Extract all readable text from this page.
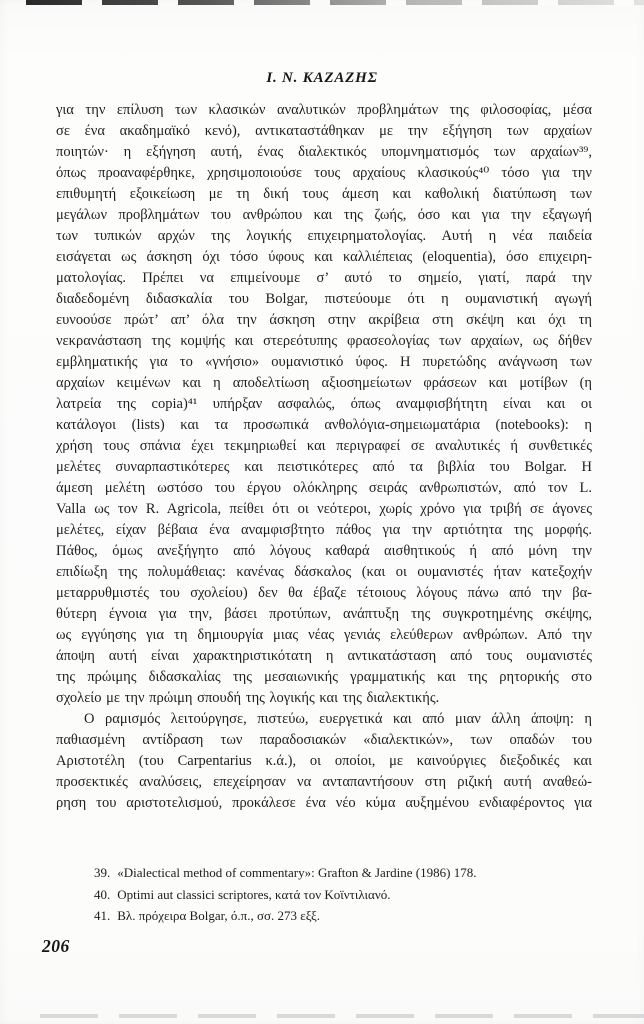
I. N. ΚΑΖΑΖΗΣ
για την επίλυση των κλασικών αναλυτικών προβλημάτων της φιλοσοφίας, μέσα
σε ένα ακαδημαϊκό κενό), αντικαταστάθηκαν με την εξήγηση των αρχαίων
ποιητών· η εξήγηση αυτή, ένας διαλεκτικός υπομνηματισμός των αρχαίων³⁹,
όπως προαναφέρθηκε, χρησιμοποιούσε τους αρχαίους κλασικούς⁴⁰ τόσο για την
επιθυμητή εξοικείωση με τη δική τους άμεση και καθολική διατύπωση των
μεγάλων προβλημάτων του ανθρώπου και της ζωής, όσο και για την εξαγωγή
των τυπικών αρχών της λογικής επιχειρηματολογίας. Αυτή η νέα παιδεία
εισάγεται ως άσκηση όχι τόσο ύφους και καλλιέπειας (eloquentia), όσο επιχειρη-
ματολογίας. Πρέπει να επιμείνουμε σ’ αυτό το σημείο, γιατί, παρά την
διαδεδομένη διδασκαλία του Bolgar, πιστεύουμε ότι η ουμανιστική αγωγή
ευνοούσε πρώτ’ απ’ όλα την άσκηση στην ακρίβεια στη σκέψη και όχι τη
νεκρανάσταση της κομψής και στερεότυπης φρασεολογίας των αρχαίων, ως δήθεν
εμβληματικής για το «γνήσιο» ουμανιστικό ύφος. Η πυρετώδης ανάγνωση των
αρχαίων κειμένων και η αποδελτίωση αξιοσημείωτων φράσεων και μοτίβων (η
λατρεία της copia)⁴¹ υπήρξαν ασφαλώς, όπως αναμφισβήτητη είναι και οι
κατάλογοι (lists) και τα προσωπικά ανθολόγια-σημειωματάρια (notebooks): η
χρήση τους σπάνια έχει τεκμηριωθεί και περιγραφεί σε αναλυτικές ή συνθετικές
μελέτες συναρπαστικότερες και πειστικότερες από τα βιβλία του Bolgar. Η
άμεση μελέτη ωστόσο του έργου ολόκληρης σειράς ανθρωπιστών, από τον L.
Valla ως τον R. Agricola, πείθει ότι οι νεότεροι, χωρίς χρόνο για τριβή σε άγονες
μελέτες, είχαν βέβαια ένα αναμφισβτητο πάθος για την αρτιότητα της μορφής.
Πάθος, όμως ανεξήγητο από λόγους καθαρά αισθητικούς ή από μόνη την
επιδίωξη της πολυμάθειας: κανένας δάσκαλος (και οι ουμανιστές ήταν κατεξοχήν
μεταρρυθμιστές του σχολείου) δεν θα έβαζε τέτοιους λόγους πάνω από την βα-
θύτερη έγνοια για την, βάσει προτύπων, ανάπτυξη της συγκροτημένης σκέψης,
ως εγγύησης για τη δημιουργία μιας νέας γενιάς ελεύθερων ανθρώπων. Από την
άποψη αυτή είναι χαρακτηριστικότατη η αντικατάσταση από τους ουμανιστές
της πρώιμης διδασκαλίας της μεσαιωνικής γραμματικής και της ρητορικής στο
σχολείο με την πρώιμη σπουδή της λογικής και της διαλεκτικής.
Ο ραμισμός λειτούργησε, πιστεύω, ευεργετικά και από μιαν άλλη άποψη: η
παθιασμένη αντίδραση των παραδοσιακών «διαλεκτικών», των οπαδών του
Αριστοτέλη (του Carpentarius κ.ά.), οι οποίοι, με καινούργιες διεξοδικές και
προσεκτικές αναλύσεις, επεχείρησαν να ανταπαντήσουν στη ριζική αυτή αναθεώ-
ρηση του αριστοτελισμού, προκάλεσε ένα νέο κύμα αυξημένου ενδιαφέροντος για
39. «Dialectical method of commentary»: Grafton & Jardine (1986) 178.
40. Optimi aut classici scriptores, κατά τον Κοϊντιλιανό.
41. Βλ. πρόχειρα Bolgar, ό.π., σσ. 273 εξξ.
206
